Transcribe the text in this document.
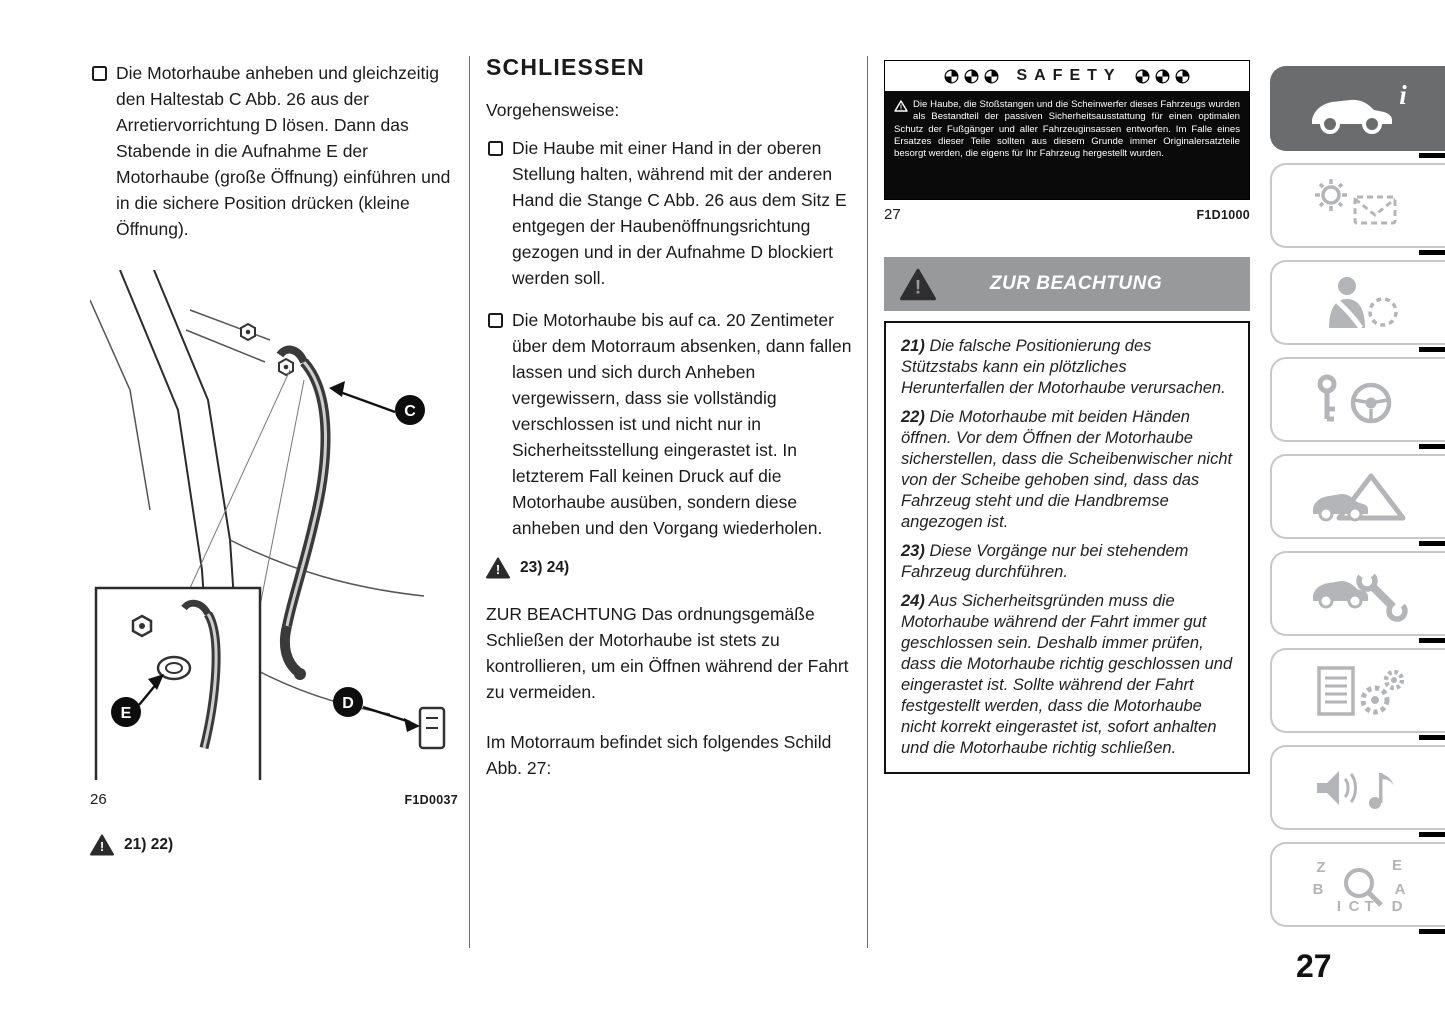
Die Motorhaube anheben und gleichzeitig den Haltestab C Abb. 26 aus der Arretiervorrichtung D lösen. Dann das Stabende in die Aufnahme E der Motorhaube (große Öffnung) einführen und in die sichere Position drücken (kleine Öffnung).

C
D
E
26	F1D0037
! 21) 22)
SCHLIESSEN

Vorgehensweise:

Die Haube mit einer Hand in der oberen Stellung halten, während mit der anderen Hand die Stange C Abb. 26 aus dem Sitz E entgegen der Haubenöffnungsrichtung gezogen und in der Aufnahme D blockiert werden soll.

Die Motorhaube bis auf ca. 20 Zentimeter über dem Motorraum absenken, dann fallen lassen und sich durch Anheben vergewissern, dass sie vollständig verschlossen ist und nicht nur in Sicherheitsstellung eingerastet ist. In letzterem Fall keinen Druck auf die Motorhaube ausüben, sondern diese anheben und den Vorgang wiederholen.

! 23) 24)

ZUR BEACHTUNG Das ordnungsgemäße Schließen der Motorhaube ist stets zu kontrollieren, um ein Öffnen während der Fahrt zu vermeiden.

Im Motorraum befindet sich folgendes Schild Abb. 27:

SAFETY
! Die Haube, die Stoßstangen und die Scheinwerfer dieses Fahrzeugs wurden als Bestandteil der passiven Sicherheitsausstattung für einen optimalen Schutz der Fußgänger und aller Fahrzeuginsassen entworfen. Im Falle eines Ersatzes dieser Teile sollten aus diesem Grunde immer Originalersatzteile besorgt werden, die eigens für Ihr Fahrzeug hergestellt wurden.
27	F1D1000
!	ZUR BEACHTUNG

21) Die falsche Positionierung des Stützstabs kann ein plötzliches Herunterfallen der Motorhaube verursachen.

22) Die Motorhaube mit beiden Händen öffnen. Vor dem Öffnen der Motorhaube sicherstellen, dass die Scheibenwischer nicht von der Scheibe gehoben sind, dass das Fahrzeug steht und die Handbremse angezogen ist.

23) Diese Vorgänge nur bei stehendem Fahrzeug durchführen.

24) Aus Sicherheitsgründen muss die Motorhaube während der Fahrt immer gut geschlossen sein. Deshalb immer prüfen, dass die Motorhaube richtig geschlossen und eingerastet ist. Sollte während der Fahrt festgestellt werden, dass die Motorhaube nicht korrekt eingerastet ist, sofort anhalten und die Motorhaube richtig schließen.

i
Z	E
B	A
I C T D
27
